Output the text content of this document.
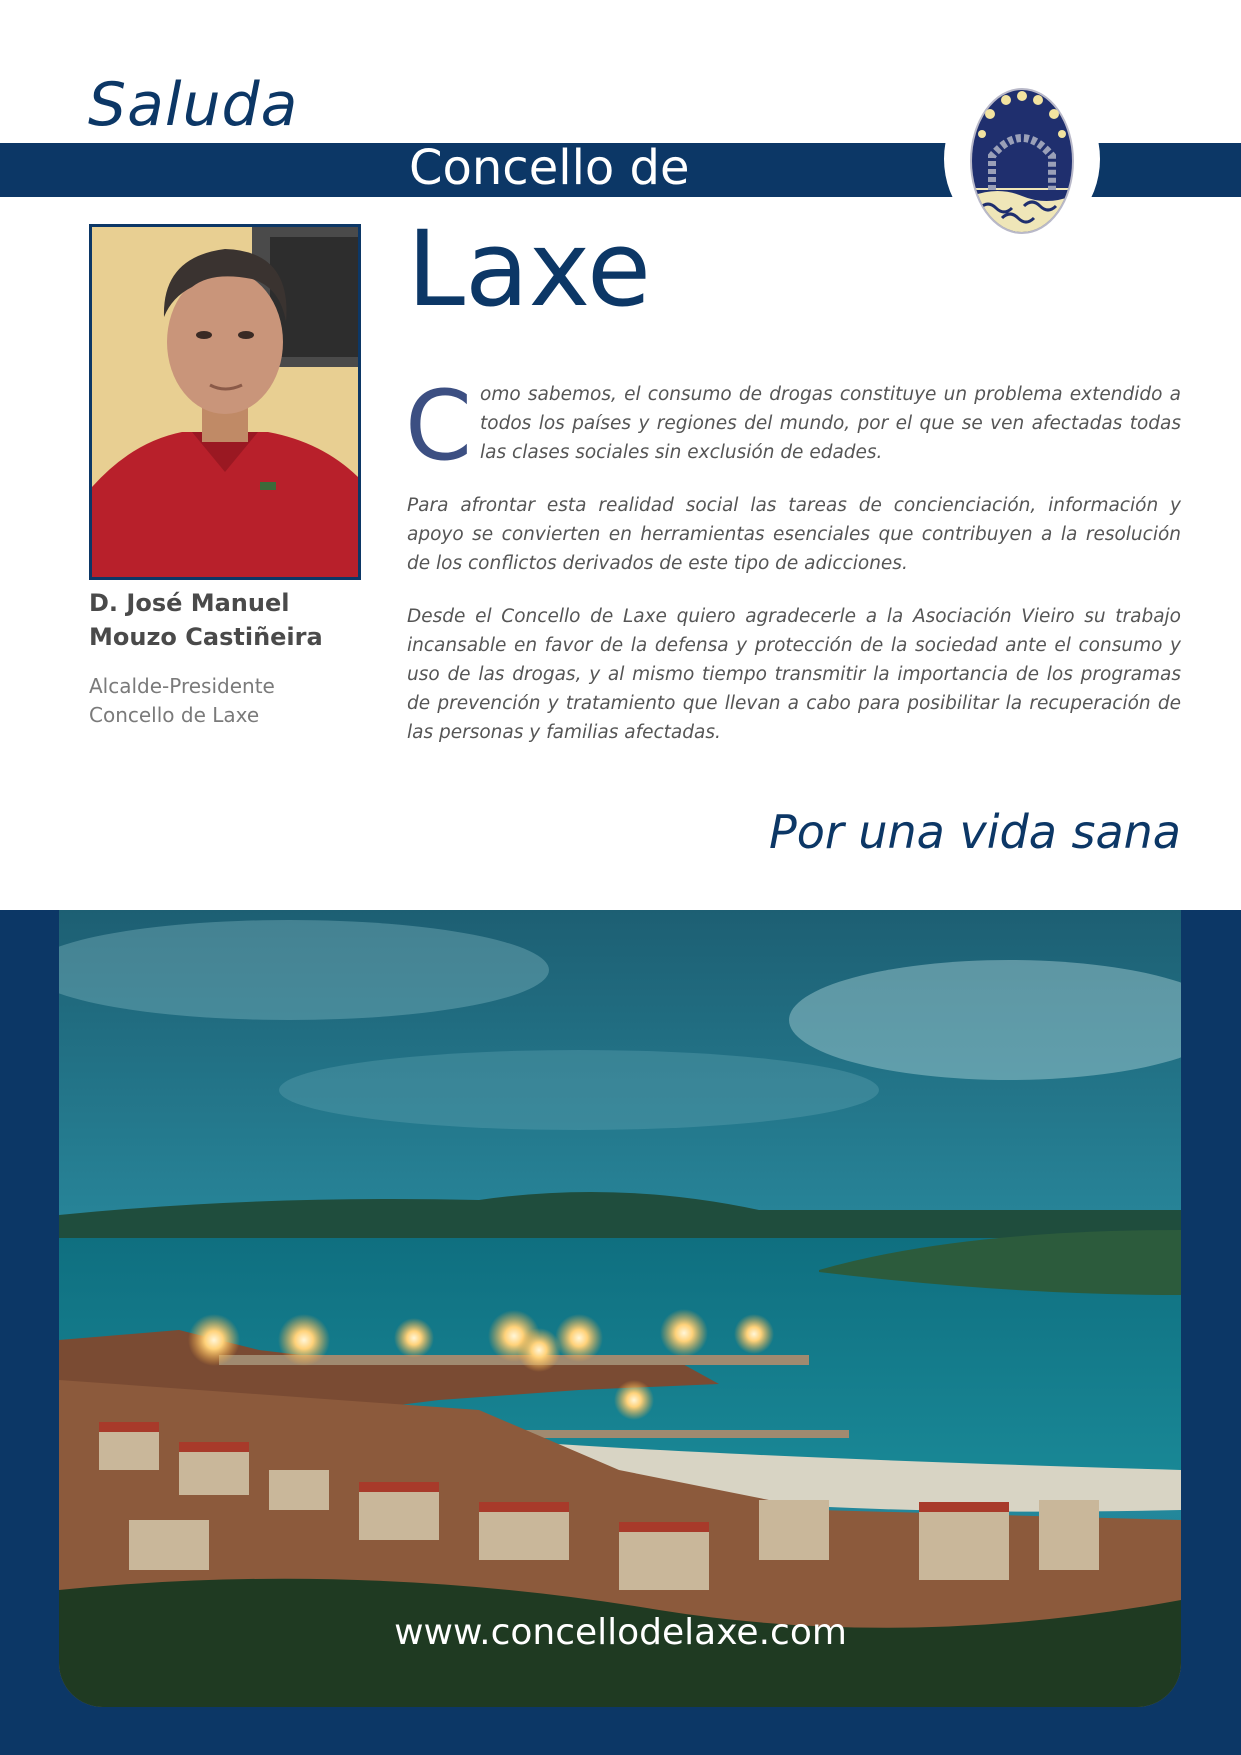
Saluda
Concello de
Laxe
D. José Manuel
Mouzo Castiñeira
Alcalde-Presidente
Concello de Laxe

Como sabemos, el consumo de drogas constituye un problema extendido a todos los países y regiones del mundo, por el que se ven afectadas todas las clases sociales sin exclusión de edades.

Para afrontar esta realidad social las tareas de concienciación, información y apoyo se convierten en herramientas esenciales que contribuyen a la resolución de los conflictos derivados de este tipo de adicciones.

Desde el Concello de Laxe quiero agradecerle a la Asociación Vieiro su trabajo incansable en favor de la defensa y protección de la sociedad ante el consumo y uso de las drogas, y al mismo tiempo transmitir la importancia de los programas de prevención y tratamiento que llevan a cabo para posibilitar la recuperación de las personas y familias afectadas.

Por una vida sana
www.concellodelaxe.com
